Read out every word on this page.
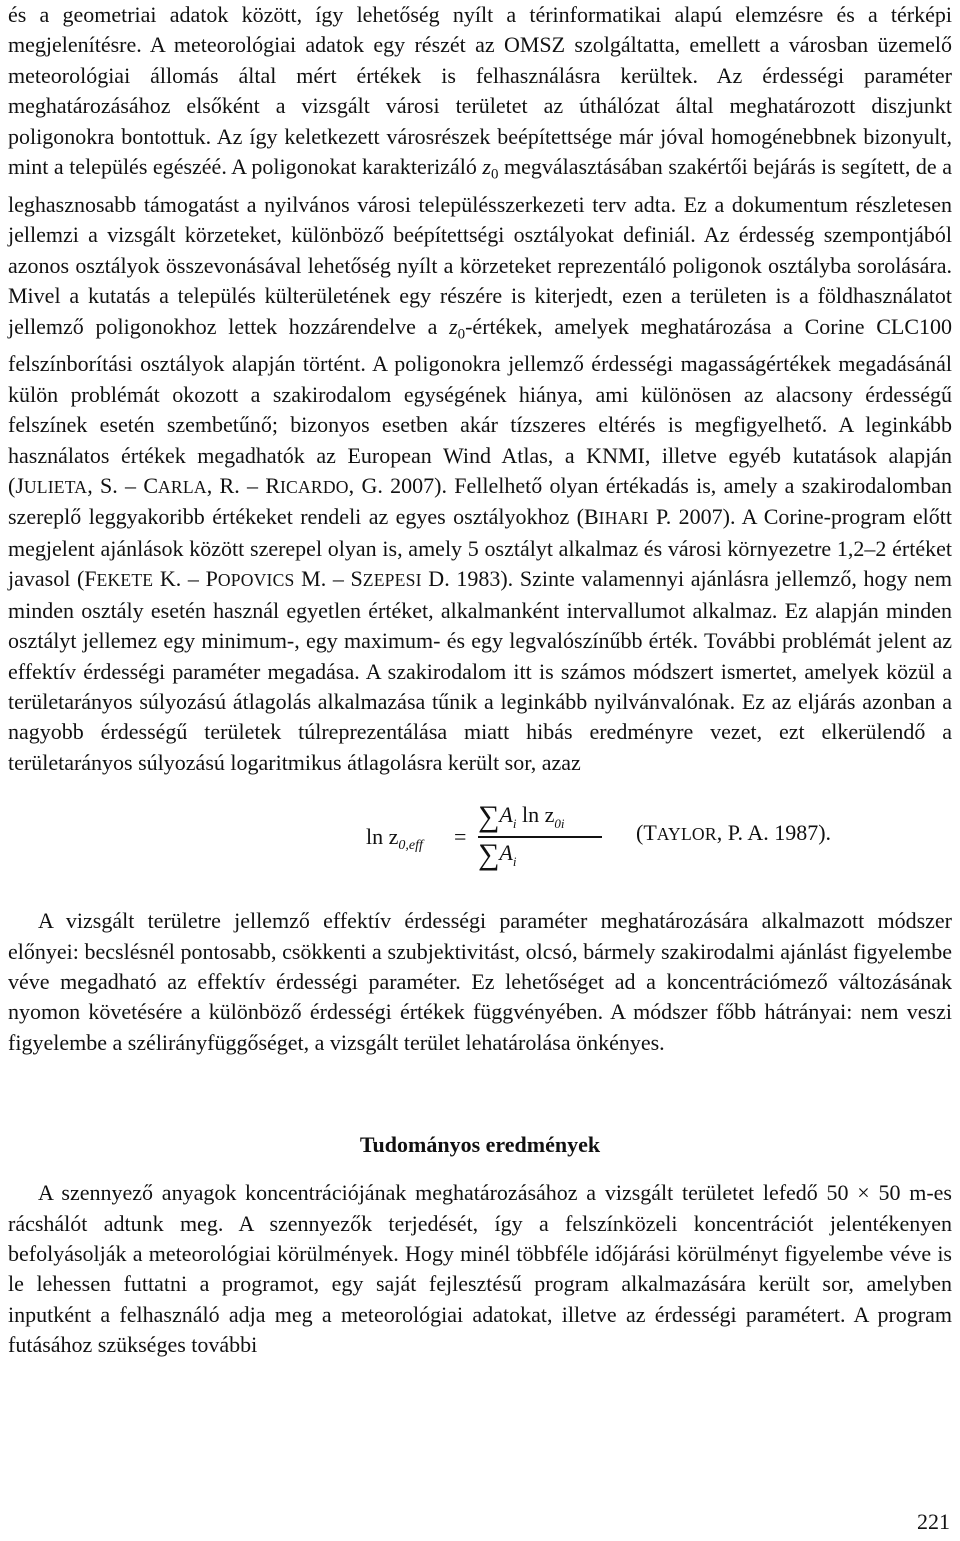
és a geometriai adatok között, így lehetőség nyílt a térinformatikai alapú elemzésre és a térképi megjelenítésre. A meteorológiai adatok egy részét az OMSZ szolgáltatta, emellett a városban üzemelő meteorológiai állomás által mért értékek is felhasználásra kerültek. Az érdességi paraméter meghatározásához elsőként a vizsgált városi területet az úthálózat által meghatározott diszjunkt poligonokra bontottuk. Az így keletkezett városrészek beépítettsége már jóval homogénebbnek bizonyult, mint a település egészéé. A poligonokat karakterizáló $z_0$ megválasztásában szakértői bejárás is segített, de a leghasznosabb támogatást a nyilvános városi településszerkezeti terv adta. Ez a dokumentum részletesen jellemzi a vizsgált körzeteket, különböző beépítettségi osztályokat definiál. Az érdesség szempontjából azonos osztályok összevonásával lehetőség nyílt a körzeteket reprezentáló poligonok osztályba sorolására. Mivel a kutatás a település külterületének egy részére is kiterjedt, ezen a területen is a földhasználatot jellemző poligonokhoz lettek hozzárendelve a $z_0$-értékek, amelyek meghatározása a Corine CLC100 felszínborítási osztályok alapján történt. A poligonokra jellemző érdességi magasságértékek megadásánál külön problémát okozott a szakirodalom egységének hiánya, ami különösen az alacsony érdességű felszínek esetén szembetűnő; bizonyos esetben akár tízszeres eltérés is megfigyelhető. A leginkább használatos értékek megadhatók az European Wind Atlas, a KNMI, illetve egyéb kutatások alapján (JULIETA, S. – CARLA, R. – RICARDO, G. 2007). Fellelhető olyan értékadás is, amely a szakirodalomban szereplő leggyakoribb értékeket rendeli az egyes osztályokhoz (BIHARI P. 2007). A Corine-program előtt megjelent ajánlások között szerepel olyan is, amely 5 osztályt alkalmaz és városi környezetre 1,2–2 értéket javasol (FEKETE K. – POPOVICS M. – SZEPESI D. 1983). Szinte valamennyi ajánlásra jellemző, hogy nem minden osztály esetén használ egyetlen értéket, alkalmanként intervallumot alkalmaz. Ez alapján minden osztályt jellemez egy minimum-, egy maximum- és egy legvalószínűbb érték. További problémát jelent az effektív érdességi paraméter megadása. A szakirodalom itt is számos módszert ismertet, amelyek közül a területarányos súlyozású átlagolás alkalmazása tűnik a leginkább nyilvánvalónak. Ez az eljárás azonban a nagyobb érdességű területek túlreprezentálása miatt hibás eredményre vezet, ezt elkerülendő a területarányos súlyozású logaritmikus átlagolásra került sor, azaz

$\ln z_{0,eff}$ =
$\sum A_i$ $\ln z_{0i}$
$\sum A_i$
(TAYLOR, P. A. 1987).

A vizsgált területre jellemző effektív érdességi paraméter meghatározására alkalmazott módszer előnyei: becslésnél pontosabb, csökkenti a szubjektivitást, olcsó, bármely szakirodalmi ajánlást figyelembe véve megadható az effektív érdességi paraméter. Ez lehetőséget ad a koncentrációmező változásának nyomon követésére a különböző érdességi értékek függvényében. A módszer főbb hátrányai: nem veszi figyelembe a szélirányfüggőséget, a vizsgált terület lehatárolása önkényes.

Tudományos eredmények

A szennyező anyagok koncentrációjának meghatározásához a vizsgált területet lefedő 50 × 50 m-es rácshálót adtunk meg. A szennyezők terjedését, így a felszínközeli koncentrációt jelentékenyen befolyásolják a meteorológiai körülmények. Hogy minél többféle időjárási körülményt figyelembe véve is le lehessen futtatni a programot, egy saját fejlesztésű program alkalmazására került sor, amelyben inputként a felhasználó adja meg a meteorológiai adatokat, illetve az érdességi paramétert. A program futásához szükséges további

221
